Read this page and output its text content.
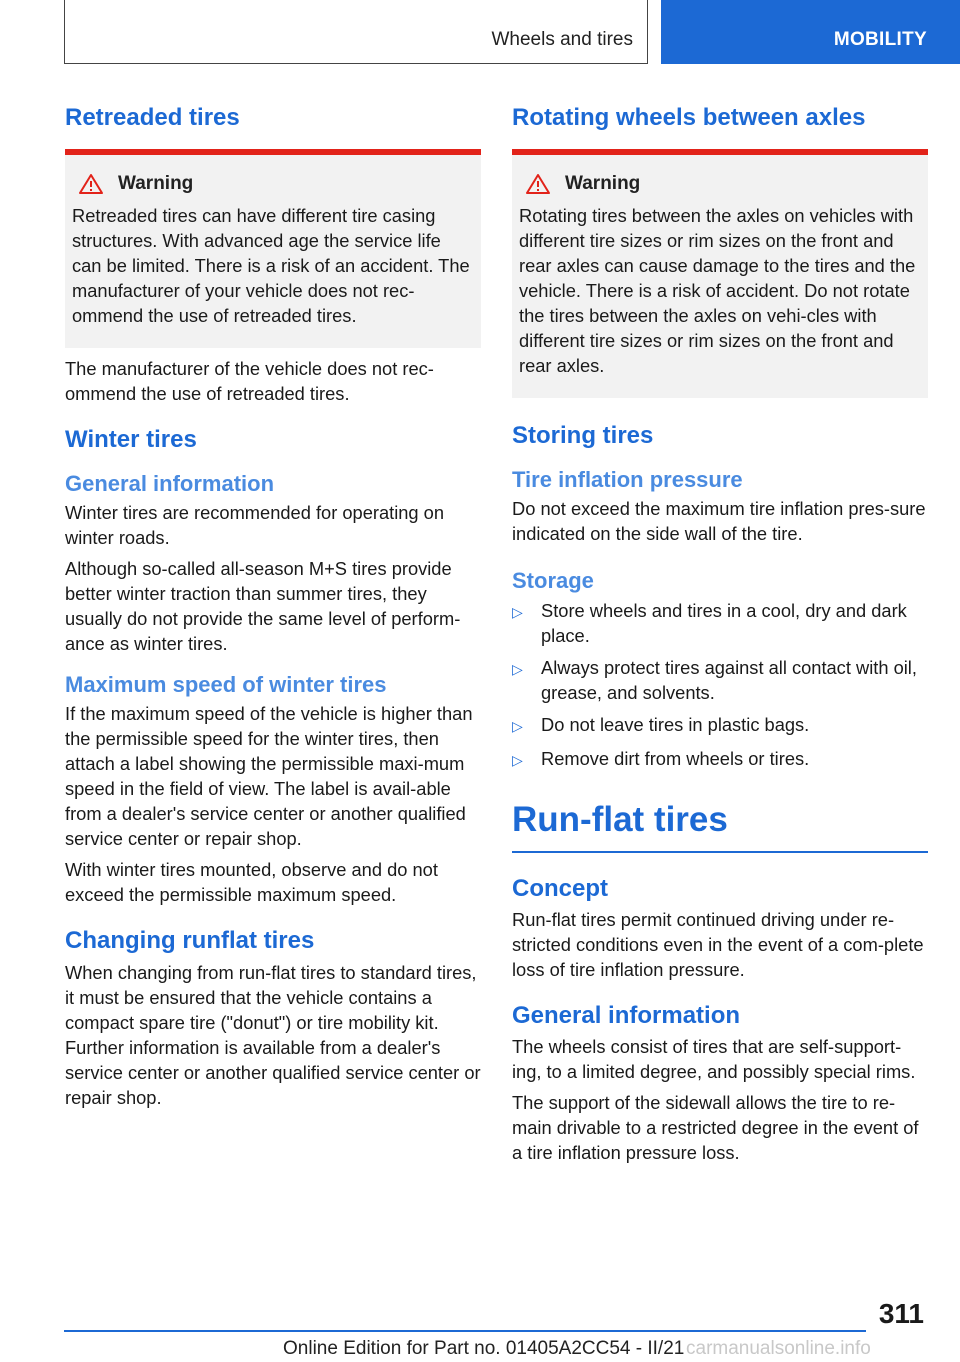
Wheels and tires	MOBILITY
Retreaded tires
Warning

Retreaded tires can have different tire casing structures. With advanced age the service life can be limited. There is a risk of an accident. The manufacturer of your vehicle does not rec‐ommend the use of retreaded tires.

The manufacturer of the vehicle does not rec‐ommend the use of retreaded tires.

Winter tires
General information

Winter tires are recommended for operating on winter roads.

Although so-called all-season M+S tires provide better winter traction than summer tires, they usually do not provide the same level of perform‐ance as winter tires.

Maximum speed of winter tires

If the maximum speed of the vehicle is higher than the permissible speed for the winter tires, then attach a label showing the permissible maxi‐mum speed in the field of view. The label is avail‐able from a dealer's service center or another qualified service center or repair shop.

With winter tires mounted, observe and do not exceed the permissible maximum speed.

Changing runflat tires

When changing from run-flat tires to standard tires, it must be ensured that the vehicle contains a compact spare tire ("donut") or tire mobility kit. Further information is available from a dealer's service center or another qualified service center or repair shop.

Rotating wheels between axles
Warning

Rotating tires between the axles on vehicles with different tire sizes or rim sizes on the front and rear axles can cause damage to the tires and the vehicle. There is a risk of accident. Do not rotate the tires between the axles on vehi‐cles with different tire sizes or rim sizes on the front and rear axles.

Storing tires
Tire inflation pressure

Do not exceed the maximum tire inflation pres‐sure indicated on the side wall of the tire.

Storage
▷ Store wheels and tires in a cool, dry and dark place.
▷ Always protect tires against all contact with oil, grease, and solvents.
▷ Do not leave tires in plastic bags.
▷ Remove dirt from wheels or tires.
Run-flat tires
Concept

Run-flat tires permit continued driving under re‐stricted conditions even in the event of a com‐plete loss of tire inflation pressure.

General information

The wheels consist of tires that are self-support‐ing, to a limited degree, and possibly special rims.

The support of the sidewall allows the tire to re‐main drivable to a restricted degree in the event of a tire inflation pressure loss.

311
Online Edition for Part no. 01405A2CC54 - II/21 carmanualsonline.info
